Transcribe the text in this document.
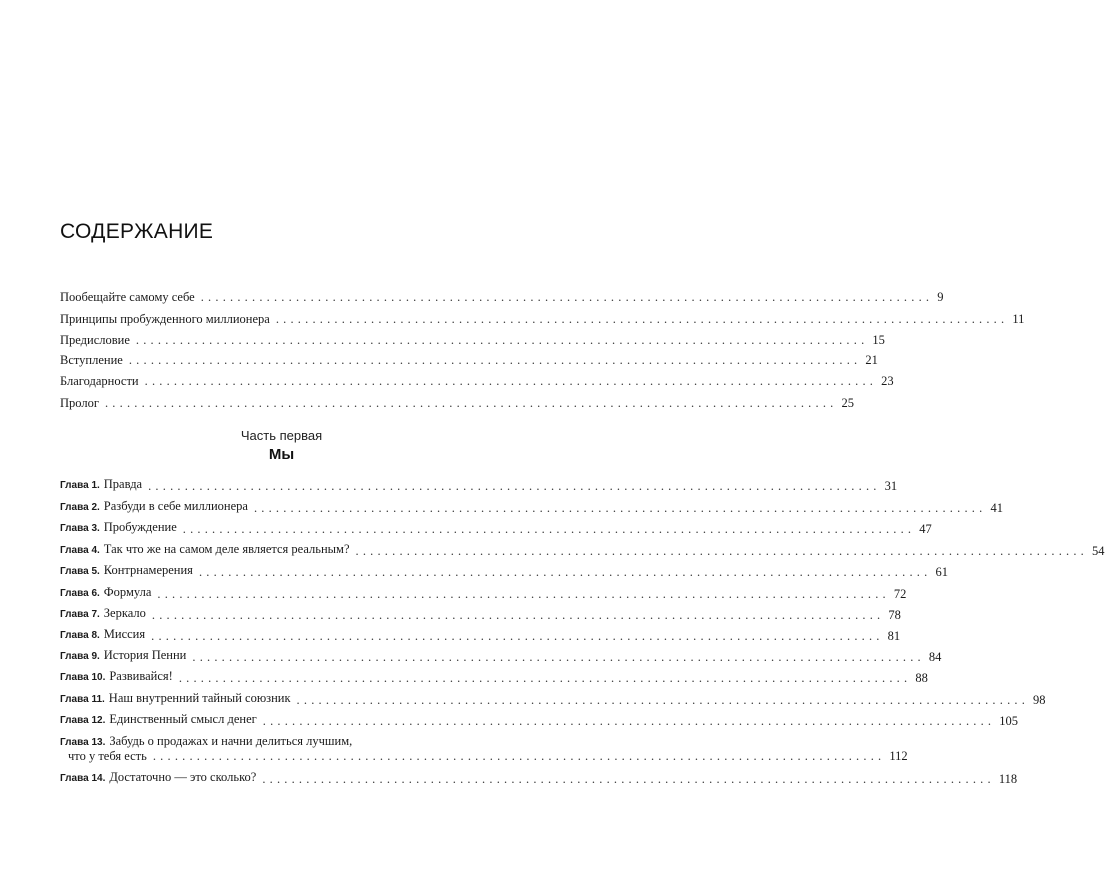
СОДЕРЖАНИЕ
Пообещайте самому себе .................................................................................................... 9
Принципы пробужденного миллионера .................................................................................................... 11
Предисловие .................................................................................................... 15
Вступление .................................................................................................... 21
Благодарности .................................................................................................... 23
Пролог .................................................................................................... 25
Часть первая
Мы
Глава 1. Правда .................................................................................................... 31
Глава 2. Разбуди в себе миллионера .................................................................................................... 41
Глава 3. Пробуждение .................................................................................................... 47
Глава 4. Так что же на самом деле является реальным? .................................................................................................... 54
Глава 5. Контрнамерения .................................................................................................... 61
Глава 6. Формула .................................................................................................... 72
Глава 7. Зеркало .................................................................................................... 78
Глава 8. Миссия .................................................................................................... 81
Глава 9. История Пенни .................................................................................................... 84
Глава 10. Развивайся! .................................................................................................... 88
Глава 11. Наш внутренний тайный союзник .................................................................................................... 98
Глава 12. Единственный смысл денег .................................................................................................... 105
Глава 13. Забудь о продажах и начни делиться лучшим,
что у тебя есть .................................................................................................... 112
Глава 14. Достаточно — это сколько? .................................................................................................... 118
